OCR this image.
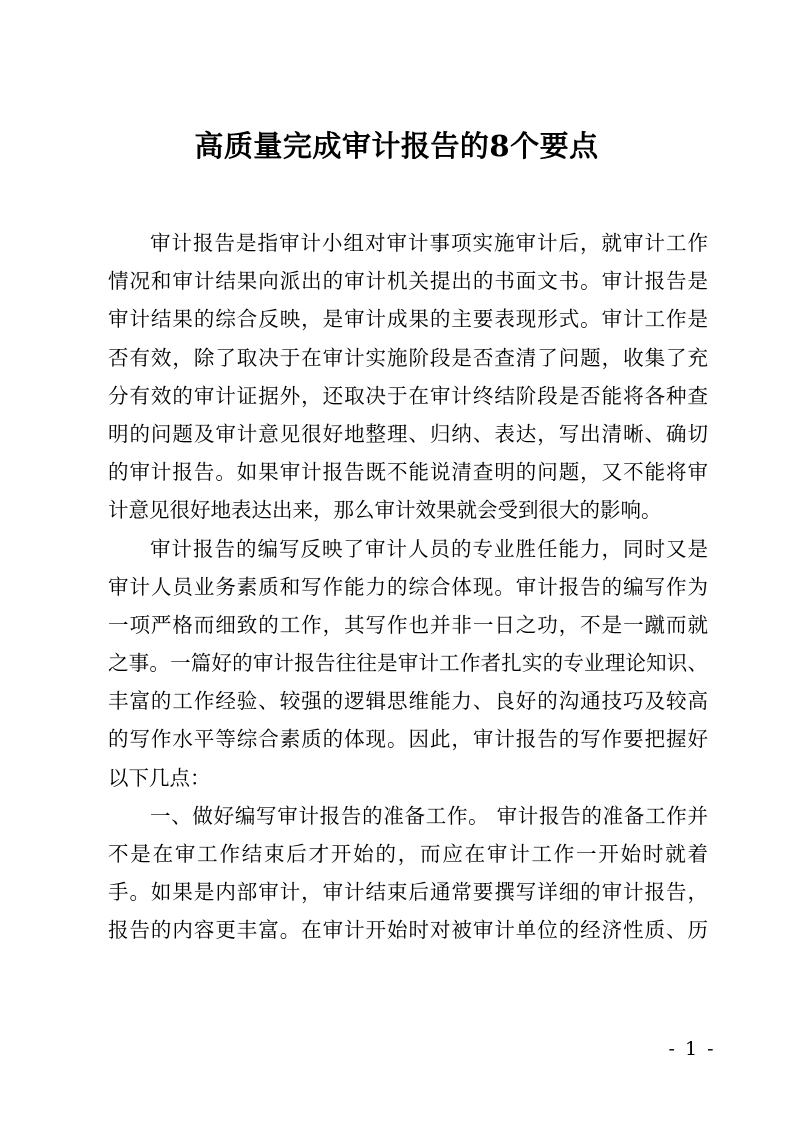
高质量完成审计报告的8个要点
审计报告是指审计小组对审计事项实施审计后，就审计工作
情况和审计结果向派出的审计机关提出的书面文书。审计报告是
审计结果的综合反映，是审计成果的主要表现形式。审计工作是
否有效，除了取决于在审计实施阶段是否查清了问题，收集了充
分有效的审计证据外，还取决于在审计终结阶段是否能将各种查
明的问题及审计意见很好地整理、归纳、表达，写出清晰、确切
的审计报告。如果审计报告既不能说清查明的问题，又不能将审
计意见很好地表达出来，那么审计效果就会受到很大的影响。
审计报告的编写反映了审计人员的专业胜任能力，同时又是
审计人员业务素质和写作能力的综合体现。审计报告的编写作为
一项严格而细致的工作，其写作也并非一日之功，不是一蹴而就
之事。一篇好的审计报告往往是审计工作者扎实的专业理论知识、
丰富的工作经验、较强的逻辑思维能力、良好的沟通技巧及较高
的写作水平等综合素质的体现。因此，审计报告的写作要把握好
以下几点：
一、做好编写审计报告的准备工作。 审计报告的准备工作并
不是在审工作结束后才开始的，而应在审计工作一开始时就着
手。如果是内部审计，审计结束后通常要撰写详细的审计报告，
报告的内容更丰富。在审计开始时对被审计单位的经济性质、历
- 1 -
